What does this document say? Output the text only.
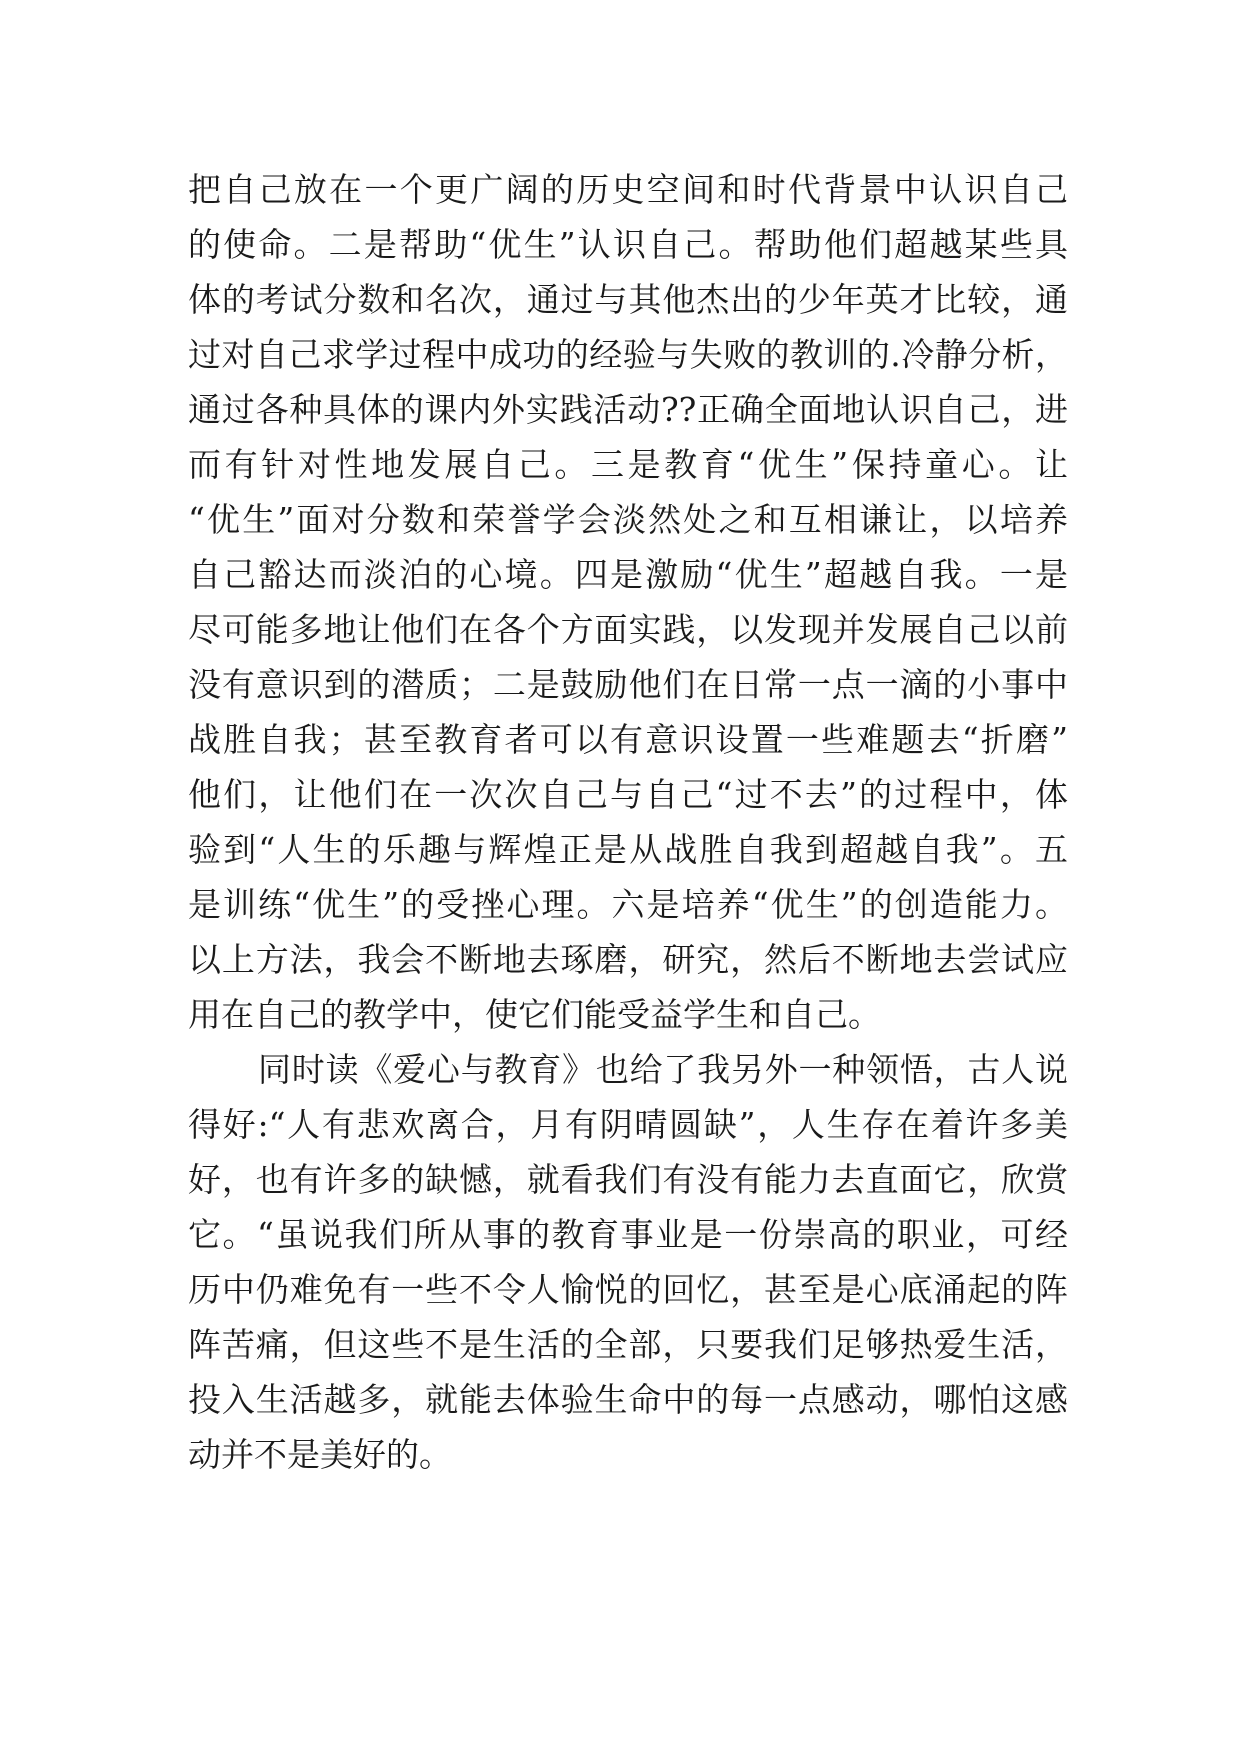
把自己放在一个更广阔的历史空间和时代背景中认识自己
的使命。二是帮助“优生”认识自己。帮助他们超越某些具
体的考试分数和名次，通过与其他杰出的少年英才比较，通
过对自己求学过程中成功的经验与失败的教训的.冷静分析，
通过各种具体的课内外实践活动??正确全面地认识自己，进
而有针对性地发展自己。三是教育“优生”保持童心。让
“优生”面对分数和荣誉学会淡然处之和互相谦让，以培养
自己豁达而淡泊的心境。四是激励“优生”超越自我。一是
尽可能多地让他们在各个方面实践，以发现并发展自己以前
没有意识到的潜质；二是鼓励他们在日常一点一滴的小事中
战胜自我；甚至教育者可以有意识设置一些难题去“折磨”
他们，让他们在一次次自己与自己“过不去”的过程中，体
验到“人生的乐趣与辉煌正是从战胜自我到超越自我”。五
是训练“优生”的受挫心理。六是培养“优生”的创造能力。
以上方法，我会不断地去琢磨，研究，然后不断地去尝试应
用在自己的教学中，使它们能受益学生和自己。
同时读《爱心与教育》也给了我另外一种领悟，古人说
得好:“人有悲欢离合，月有阴晴圆缺”，人生存在着许多美
好，也有许多的缺憾，就看我们有没有能力去直面它，欣赏
它。“虽说我们所从事的教育事业是一份崇高的职业，可经
历中仍难免有一些不令人愉悦的回忆，甚至是心底涌起的阵
阵苦痛，但这些不是生活的全部，只要我们足够热爱生活，
投入生活越多，就能去体验生命中的每一点感动，哪怕这感
动并不是美好的。
